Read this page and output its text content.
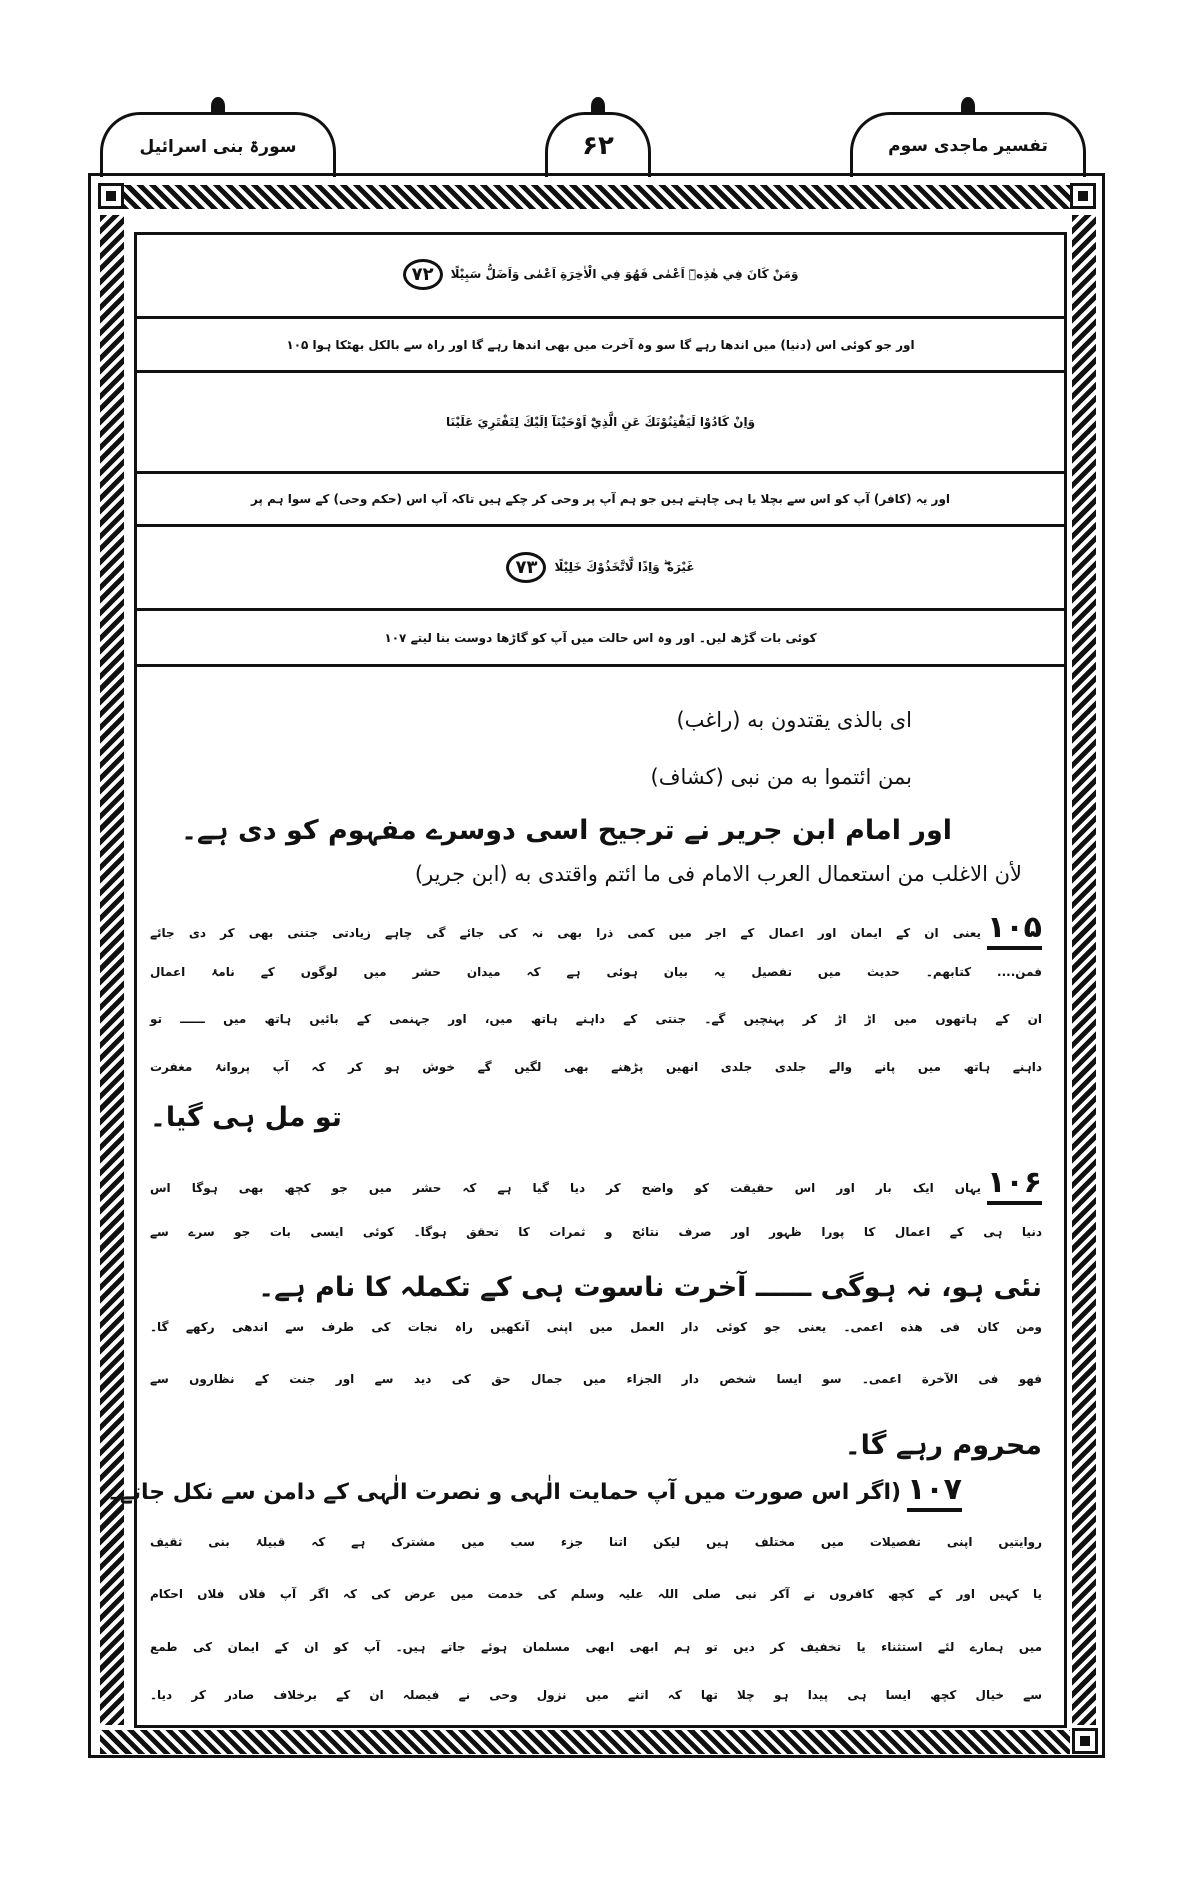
تفسیر ماجدی سوم
۶۲
سورۃ بنی اسرائیل
وَمَنْ كَانَ فِي هٰذِهٖٓ اَعْمٰى فَهُوَ فِي الْاٰخِرَةِ اَعْمٰى وَاَضَلُّ سَبِيْلًا
۷۲
اور جو کوئی اس (دنیا) میں اندھا رہے گا سو وہ آخرت میں بھی اندھا رہے گا اور راہ سے بالکل بھٹکا ہوا ۱۰۵
وَاِنْ كَادُوْا لَيَفْتِنُوْنَكَ عَنِ الَّذِيْٓ اَوْحَيْنَآ اِلَيْكَ لِتَفْتَرِيَ عَلَيْنَا
اور یہ (کافر) آپ کو اس سے بچلا یا ہی چاہتے ہیں جو ہم آپ پر وحی کر چکے ہیں تاکہ آپ اس (حکم وحی) کے سوا ہم پر
غَيْرَهٗ ۖ وَاِذًا لَّاتَّخَذُوْكَ خَلِيْلًا
۷۳
کوئی بات گڑھ لیں۔ اور وہ اس حالت میں آپ کو گاڑھا دوست بنا لیتے ۱۰۷
ای بالذی یقتدون به (راغب)
بمن ائتموا به من نبی (کشاف)
اور امام ابن جریر نے ترجیح اسی دوسرے مفہوم کو دی ہے۔
لأن الاغلب من استعمال العرب الامام فی ما ائتم واقتدی به (ابن جریر)
۱۰۵یعنی ان کے ایمان اور اعمال کے اجر میں کمی ذرا بھی نہ کی جائے گی چاہے زیادتی جتنی بھی کر دی جائے
فمن.... کتابهم۔ حدیث میں تفصیل یہ بیان ہوئی ہے کہ میدان حشر میں لوگوں کے نامۂ اعمال
ان کے ہاتھوں میں اڑ اڑ کر پہنچیں گے۔ جنتی کے داہنے ہاتھ میں، اور جہنمی کے بائیں ہاتھ میں ــــــ تو
داہنے ہاتھ میں پانے والے جلدی جلدی انھیں پڑھنے بھی لگیں گے خوش ہو کر کہ آپ پروانۂ مغفرت
تو مل ہی گیا۔
۱۰۶یہاں ایک بار اور اس حقیقت کو واضح کر دیا گیا ہے کہ حشر میں جو کچھ بھی ہوگا اس
دنیا ہی کے اعمال کا پورا ظہور اور صرف نتائج و ثمرات کا تحقق ہوگا۔ کوئی ایسی بات جو سرے سے
نئی ہو، نہ ہوگی ــــــ آخرت ناسوت ہی کے تکملہ کا نام ہے۔
ومن کان فی هذه اعمى۔ یعنی جو کوئی دار العمل میں اپنی آنکھیں راہ نجات کی طرف سے اندھی رکھے گا۔
فهو فی الآخرة اعمى۔ سو ایسا شخص دار الجزاء میں جمال حق کی دید سے اور جنت کے نظاروں سے
محروم رہے گا۔
۱۰۷(اگر اس صورت میں آپ حمایت الٰہی و نصرت الٰہی کے دامن سے نکل جاتے۔
روایتیں اپنی تفصیلات میں مختلف ہیں لیکن اتنا جزء سب میں مشترک ہے کہ قبیلۂ بنی ثقیف
یا کہیں اور کے کچھ کافروں نے آکر نبی صلی اللہ علیہ وسلم کی خدمت میں عرض کی کہ اگر آپ فلاں فلاں احکام
میں ہمارے لئے استثناء یا تخفیف کر دیں تو ہم ابھی ابھی مسلمان ہوئے جاتے ہیں۔ آپ کو ان کے ایمان کی طمع
سے خیال کچھ ایسا ہی پیدا ہو چلا تھا کہ اتنے میں نزول وحی نے فیصلہ ان کے برخلاف صادر کر دیا۔
